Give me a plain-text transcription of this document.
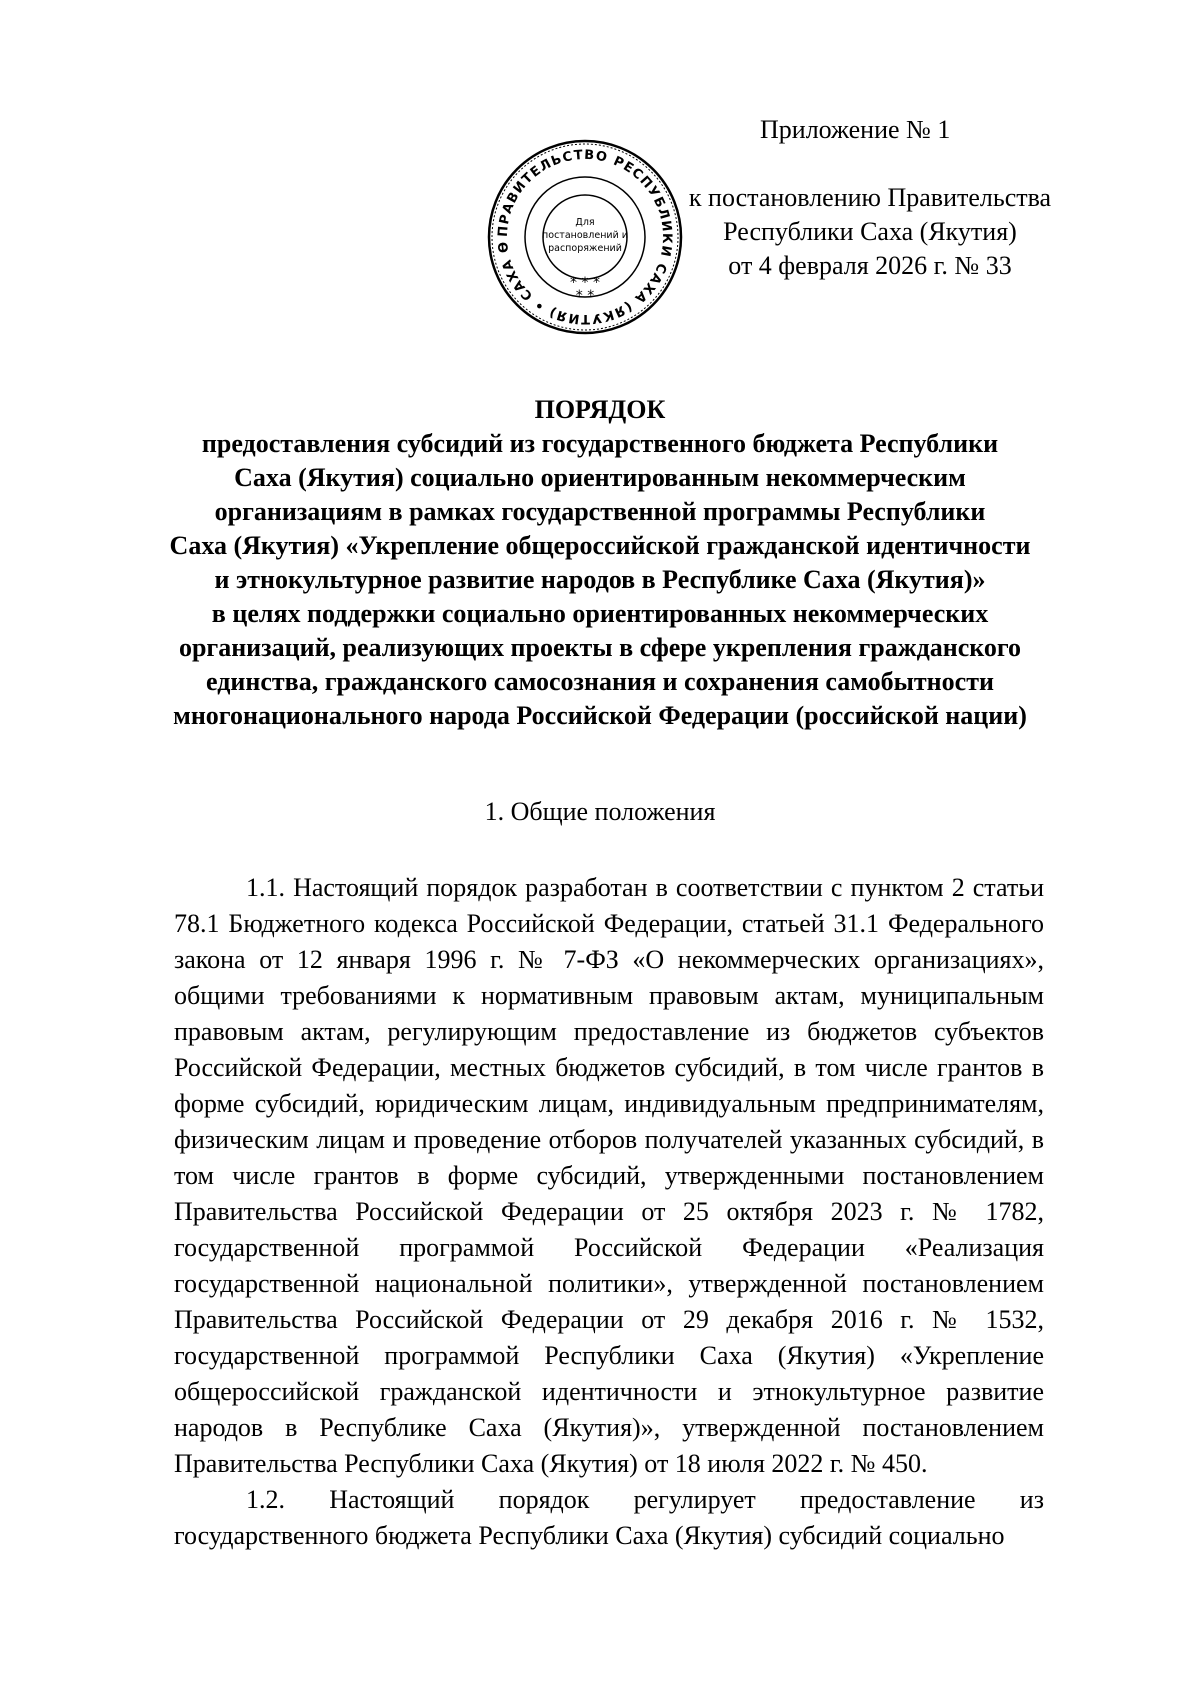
ПРАВИТЕЛЬСТВО РЕСПУБЛИКИ САХА (ЯКУТИЯ) • САХА Ө
Для
постановлений и
распоряжений
* * *
* *
Приложение № 1
к постановлению Правительства
Республики Саха (Якутия)
от 4 февраля 2026 г. № 33
ПОРЯДОК
предоставления субсидий из государственного бюджета Республики
Саха (Якутия) социально ориентированным некоммерческим
организациям в рамках государственной программы Республики
Саха (Якутия) «Укрепление общероссийской гражданской идентичности
и этнокультурное развитие народов в Республике Саха (Якутия)»
в целях поддержки социально ориентированных некоммерческих
организаций, реализующих проекты в сфере укрепления гражданского
единства, гражданского самосознания и сохранения самобытности
многонационального народа Российской Федерации (российской нации)
1. Общие положения

1.1. Настоящий порядок разработан в соответствии с пунктом 2 статьи 78.1 Бюджетного кодекса Российской Федерации, статьей 31.1 Федерального закона от 12 января 1996 г. № 7-ФЗ «О некоммерческих организациях», общими требованиями к нормативным правовым актам, муниципальным правовым актам, регулирующим предоставление из бюджетов субъектов Российской Федерации, местных бюджетов субсидий, в том числе грантов в форме субсидий, юридическим лицам, индивидуальным предпринимателям, физическим лицам и проведение отборов получателей указанных субсидий, в том числе грантов в форме субсидий, утвержденными постановлением Правительства Российской Федерации от 25 октября 2023 г. № 1782, государственной программой Российской Федерации «Реализация государственной национальной политики», утвержденной постановлением Правительства Российской Федерации от 29 декабря 2016 г. № 1532, государственной программой Республики Саха (Якутия) «Укрепление общероссийской гражданской идентичности и этнокультурное развитие народов в Республике Саха (Якутия)», утвержденной постановлением Правительства Республики Саха (Якутия) от 18 июля 2022 г. № 450.

1.2. Настоящий порядок регулирует предоставление из государственного бюджета Республики Саха (Якутия) субсидий социально
